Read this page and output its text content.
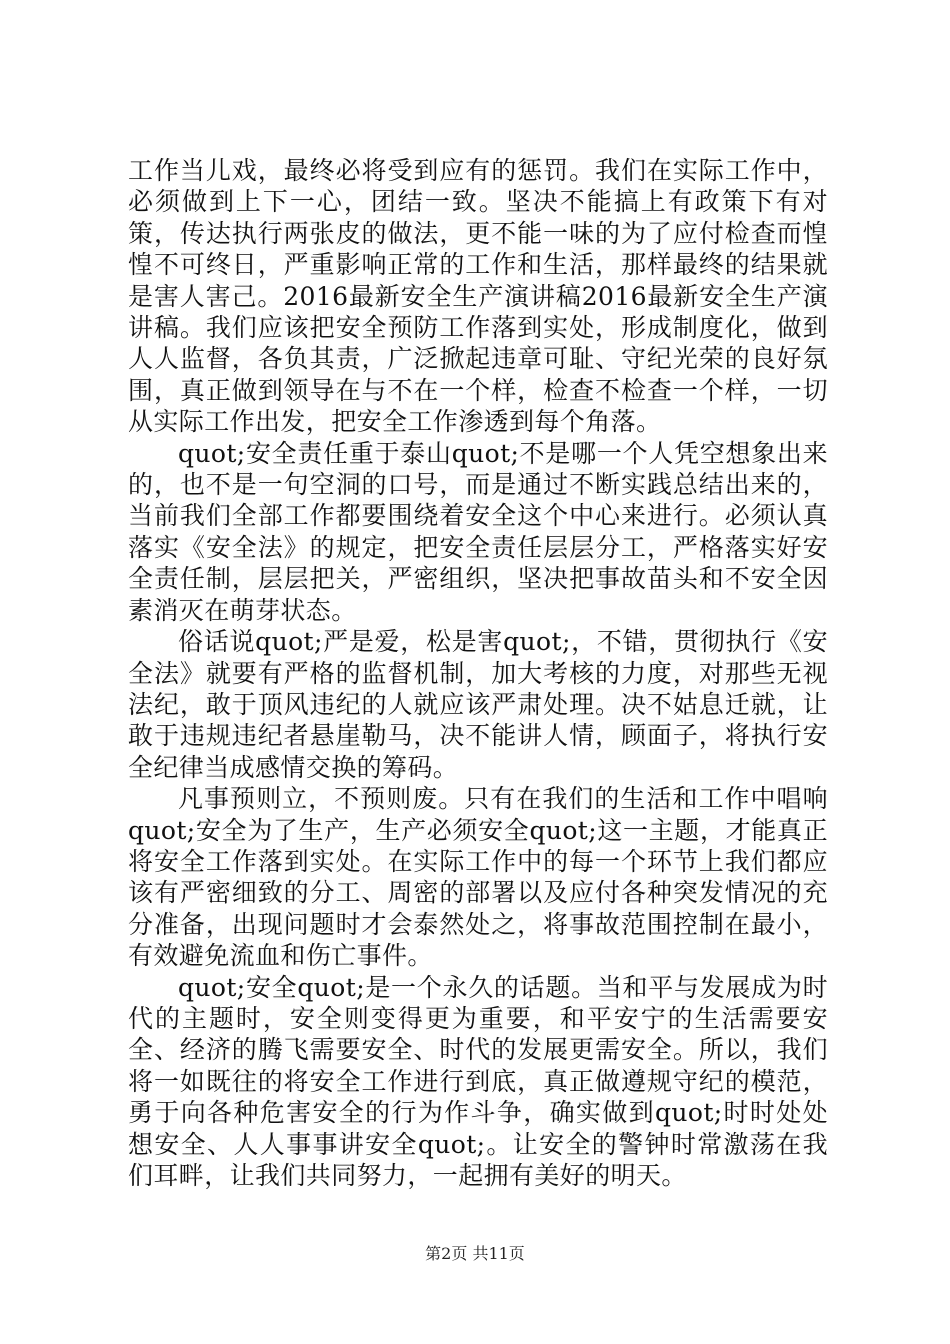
工作当儿戏，最终必将受到应有的惩罚。我们在实际工作中，必须做到上下一心，团结一致。坚决不能搞上有政策下有对策，传达执行两张皮的做法，更不能一味的为了应付检查而惶惶不可终日，严重影响正常的工作和生活，那样最终的结果就是害人害己。2016最新安全生产演讲稿2016最新安全生产演讲稿。我们应该把安全预防工作落到实处，形成制度化，做到人人监督，各负其责，广泛掀起违章可耻、守纪光荣的良好氛围，真正做到领导在与不在一个样，检查不检查一个样，一切从实际工作出发，把安全工作渗透到每个角落。

quot;安全责任重于泰山quot;不是哪一个人凭空想象出来的，也不是一句空洞的口号，而是通过不断实践总结出来的，当前我们全部工作都要围绕着安全这个中心来进行。必须认真落实《安全法》的规定，把安全责任层层分工，严格落实好安全责任制，层层把关，严密组织，坚决把事故苗头和不安全因素消灭在萌芽状态。

俗话说quot;严是爱，松是害quot;，不错，贯彻执行《安全法》就要有严格的监督机制，加大考核的力度，对那些无视法纪，敢于顶风违纪的人就应该严肃处理。决不姑息迁就，让敢于违规违纪者悬崖勒马，决不能讲人情，顾面子，将执行安全纪律当成感情交换的筹码。

凡事预则立，不预则废。只有在我们的生活和工作中唱响quot;安全为了生产，生产必须安全quot;这一主题，才能真正将安全工作落到实处。在实际工作中的每一个环节上我们都应该有严密细致的分工、周密的部署以及应付各种突发情况的充分准备，出现问题时才会泰然处之，将事故范围控制在最小，有效避免流血和伤亡事件。

quot;安全quot;是一个永久的话题。当和平与发展成为时代的主题时，安全则变得更为重要，和平安宁的生活需要安全、经济的腾飞需要安全、时代的发展更需安全。所以，我们将一如既往的将安全工作进行到底，真正做遵规守纪的模范，勇于向各种危害安全的行为作斗争，确实做到quot;时时处处想安全、人人事事讲安全quot;。让安全的警钟时常激荡在我们耳畔，让我们共同努力，一起拥有美好的明天。

第2页 共11页
